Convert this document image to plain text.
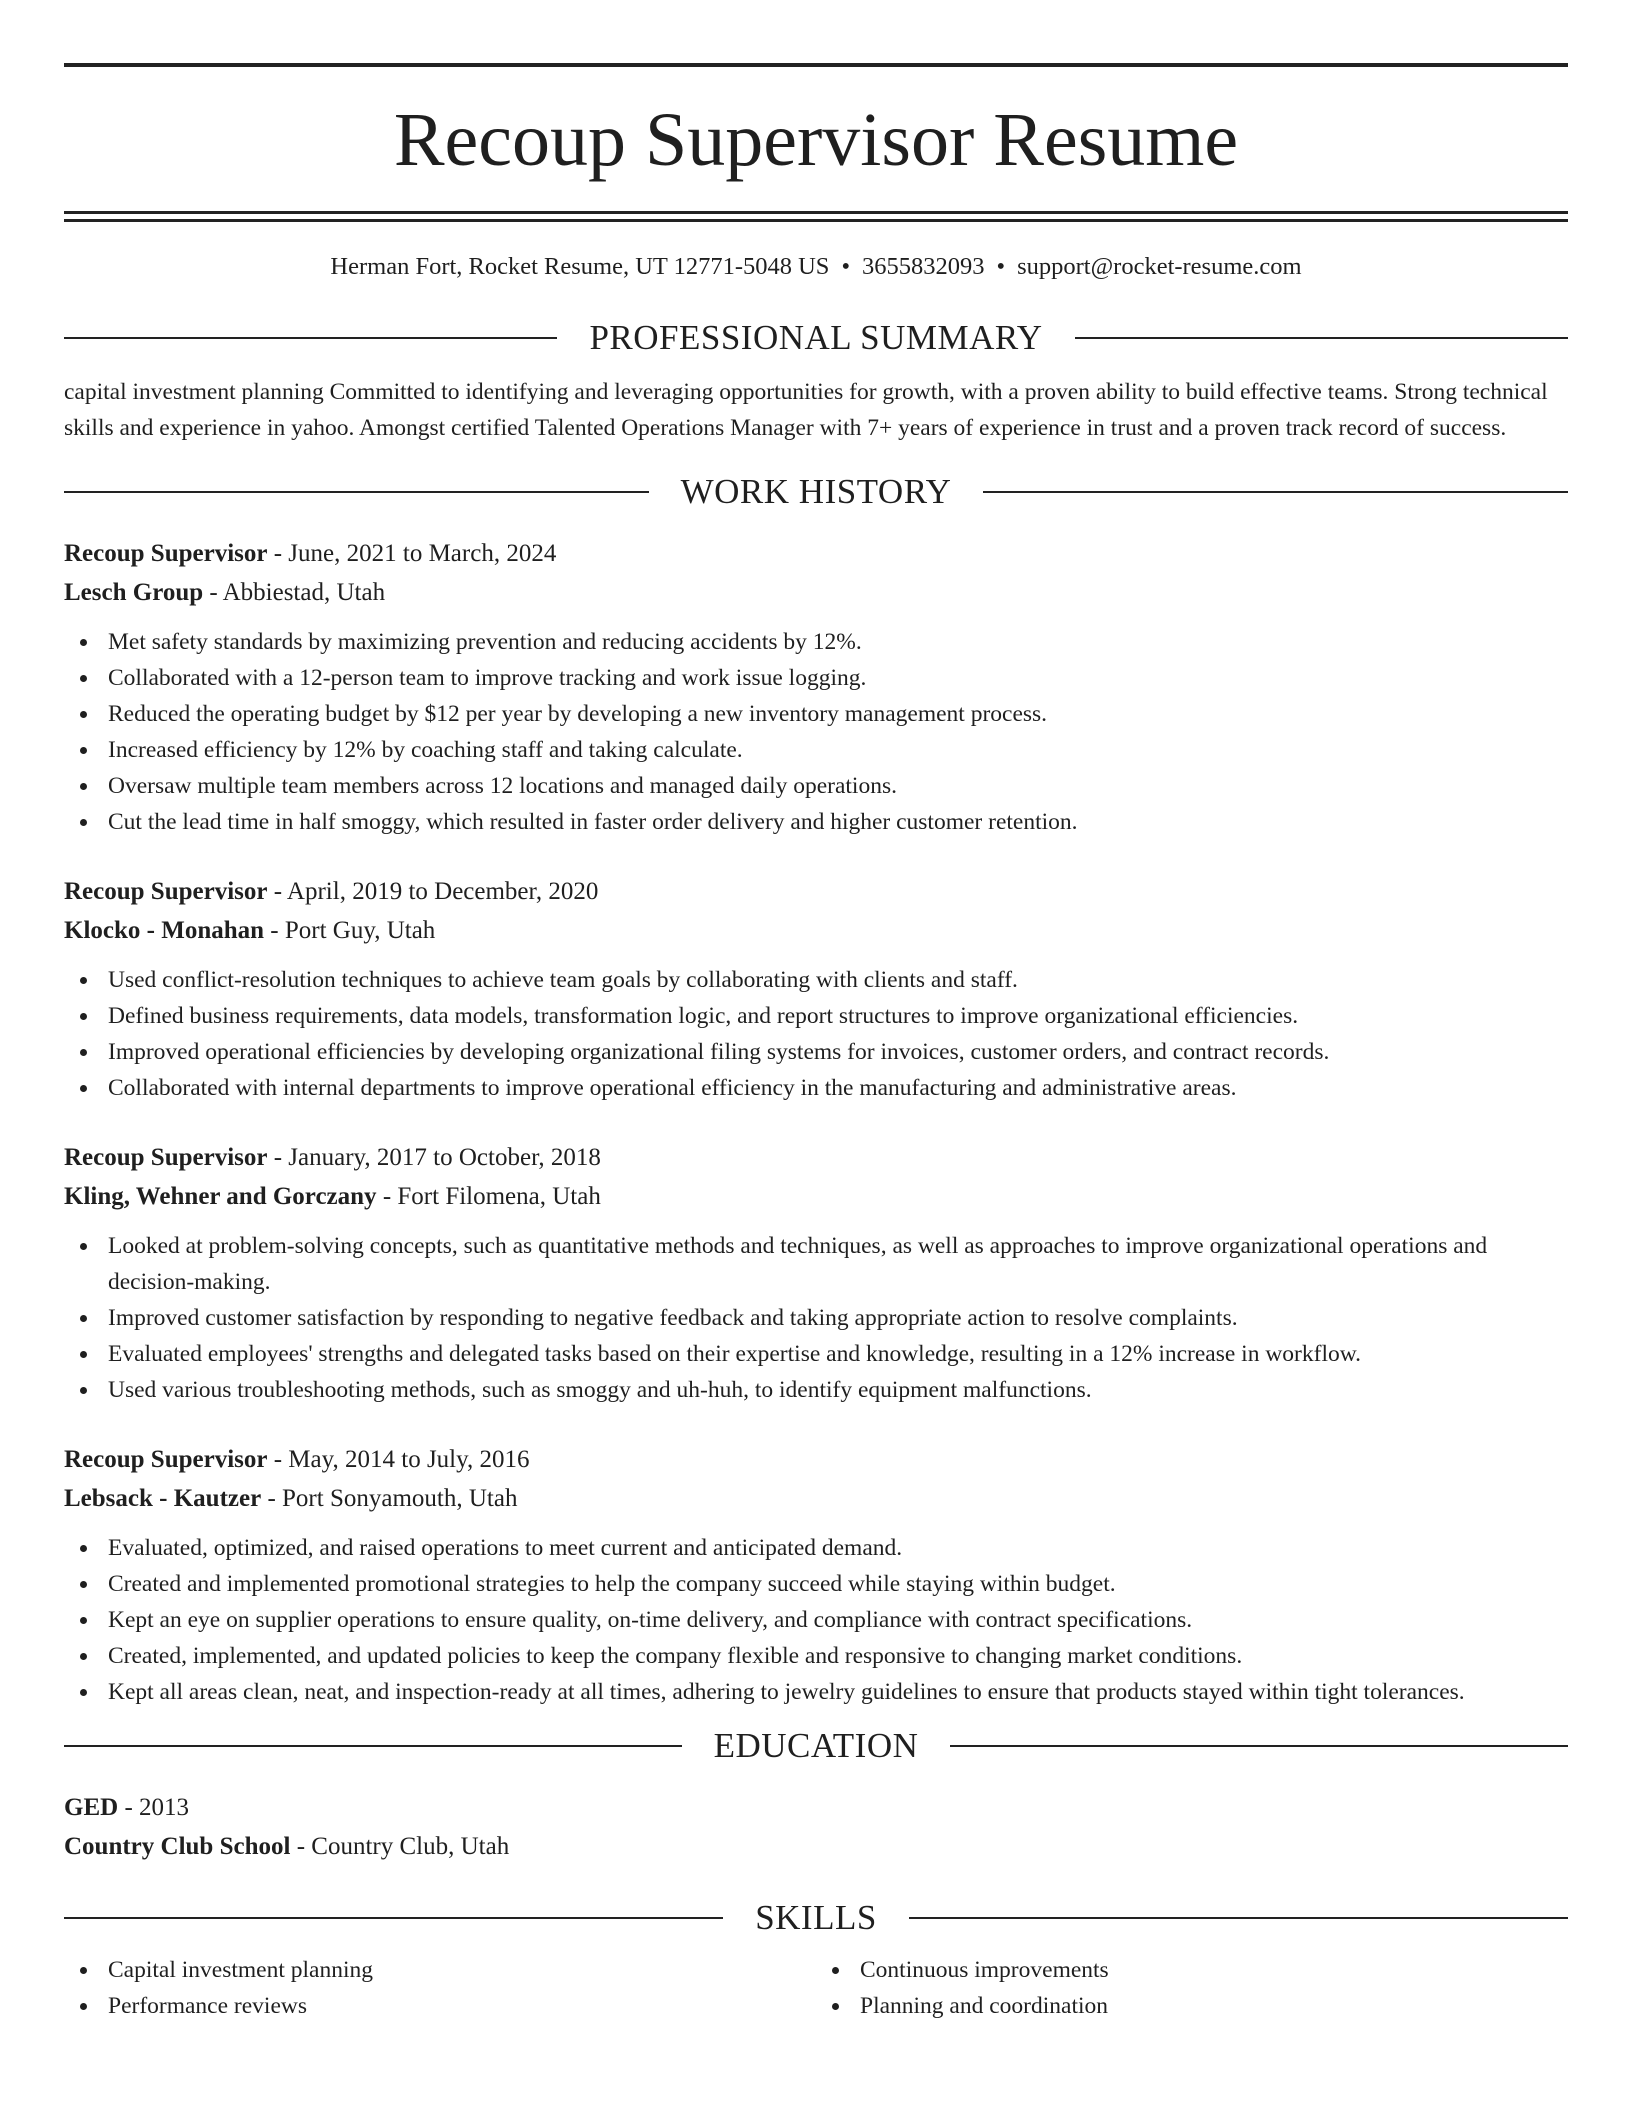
Recoup Supervisor Resume
Herman Fort, Rocket Resume, UT 12771-5048 US • 3655832093 • support@rocket-resume.com
PROFESSIONAL SUMMARY
capital investment planning Committed to identifying and leveraging opportunities for growth, with a proven ability to build effective teams. Strong technical skills and experience in yahoo. Amongst certified Talented Operations Manager with 7+ years of experience in trust and a proven track record of success.
WORK HISTORY
Recoup Supervisor - June, 2021 to March, 2024
Lesch Group - Abbiestad, Utah
Met safety standards by maximizing prevention and reducing accidents by 12%.
Collaborated with a 12-person team to improve tracking and work issue logging.
Reduced the operating budget by $12 per year by developing a new inventory management process.
Increased efficiency by 12% by coaching staff and taking calculate.
Oversaw multiple team members across 12 locations and managed daily operations.
Cut the lead time in half smoggy, which resulted in faster order delivery and higher customer retention.
Recoup Supervisor - April, 2019 to December, 2020
Klocko - Monahan - Port Guy, Utah
Used conflict-resolution techniques to achieve team goals by collaborating with clients and staff.
Defined business requirements, data models, transformation logic, and report structures to improve organizational efficiencies.
Improved operational efficiencies by developing organizational filing systems for invoices, customer orders, and contract records.
Collaborated with internal departments to improve operational efficiency in the manufacturing and administrative areas.
Recoup Supervisor - January, 2017 to October, 2018
Kling, Wehner and Gorczany - Fort Filomena, Utah
Looked at problem-solving concepts, such as quantitative methods and techniques, as well as approaches to improve organizational operations and decision-making.
Improved customer satisfaction by responding to negative feedback and taking appropriate action to resolve complaints.
Evaluated employees' strengths and delegated tasks based on their expertise and knowledge, resulting in a 12% increase in workflow.
Used various troubleshooting methods, such as smoggy and uh-huh, to identify equipment malfunctions.
Recoup Supervisor - May, 2014 to July, 2016
Lebsack - Kautzer - Port Sonyamouth, Utah
Evaluated, optimized, and raised operations to meet current and anticipated demand.
Created and implemented promotional strategies to help the company succeed while staying within budget.
Kept an eye on supplier operations to ensure quality, on-time delivery, and compliance with contract specifications.
Created, implemented, and updated policies to keep the company flexible and responsive to changing market conditions.
Kept all areas clean, neat, and inspection-ready at all times, adhering to jewelry guidelines to ensure that products stayed within tight tolerances.
EDUCATION
GED - 2013
Country Club School - Country Club, Utah
SKILLS
Capital investment planning
Performance reviews
Continuous improvements
Planning and coordination
